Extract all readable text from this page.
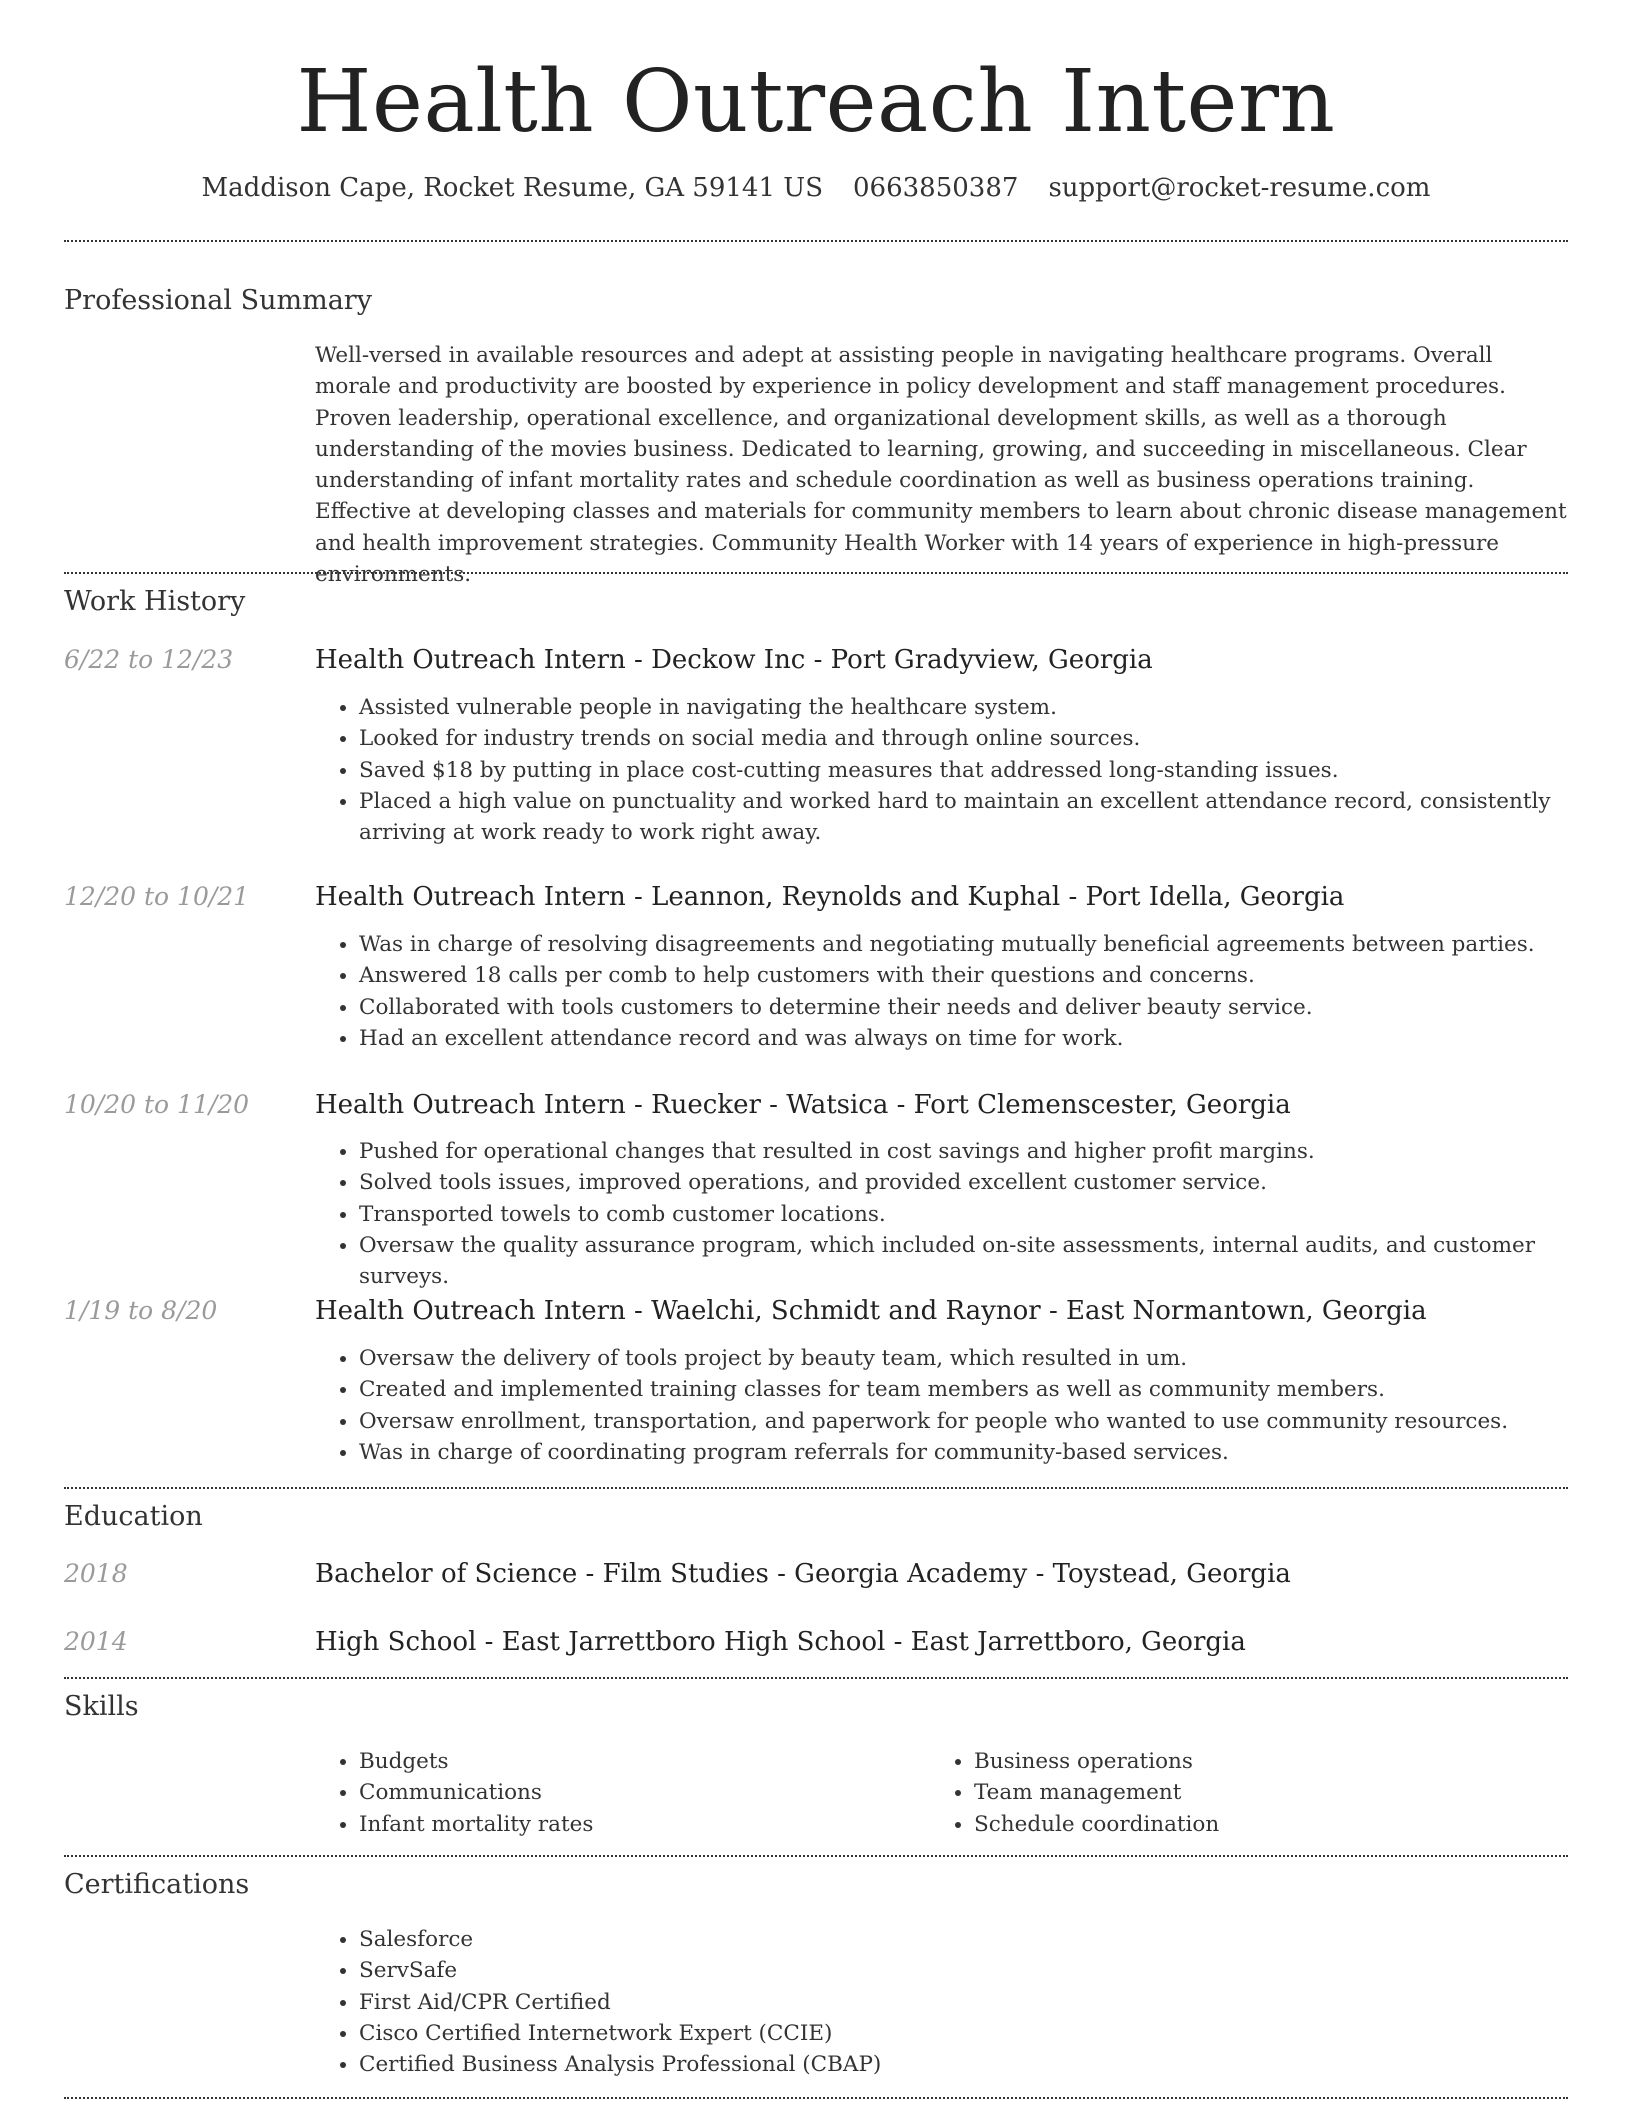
Health Outreach Intern
Maddison Cape, Rocket Resume, GA 59141 US 0663850387 support@rocket-resume.com
Professional Summary

Well-versed in available resources and adept at assisting people in navigating healthcare programs. Overall morale and productivity are boosted by experience in policy development and staff management procedures. Proven leadership, operational excellence, and organizational development skills, as well as a thorough understanding of the movies business. Dedicated to learning, growing, and succeeding in miscellaneous. Clear understanding of infant mortality rates and schedule coordination as well as business operations training. Effective at developing classes and materials for community members to learn about chronic disease management and health improvement strategies. Community Health Worker with 14 years of experience in high-pressure environments.

Work History
6/22 to 12/23	Health Outreach Intern - Deckow Inc - Port Gradyview, Georgia
• Assisted vulnerable people in navigating the healthcare system.
• Looked for industry trends on social media and through online sources.
• Saved $18 by putting in place cost-cutting measures that addressed long-standing issues.
• Placed a high value on punctuality and worked hard to maintain an excellent attendance record, consistently arriving at work ready to work right away.
12/20 to 10/21	Health Outreach Intern - Leannon, Reynolds and Kuphal - Port Idella, Georgia
• Was in charge of resolving disagreements and negotiating mutually beneficial agreements between parties.
• Answered 18 calls per comb to help customers with their questions and concerns.
• Collaborated with tools customers to determine their needs and deliver beauty service.
• Had an excellent attendance record and was always on time for work.
10/20 to 11/20	Health Outreach Intern - Ruecker - Watsica - Fort Clemenscester, Georgia
• Pushed for operational changes that resulted in cost savings and higher profit margins.
• Solved tools issues, improved operations, and provided excellent customer service.
• Transported towels to comb customer locations.
• Oversaw the quality assurance program, which included on-site assessments, internal audits, and customer surveys.
1/19 to 8/20	Health Outreach Intern - Waelchi, Schmidt and Raynor - East Normantown, Georgia
• Oversaw the delivery of tools project by beauty team, which resulted in um.
• Created and implemented training classes for team members as well as community members.
• Oversaw enrollment, transportation, and paperwork for people who wanted to use community resources.
• Was in charge of coordinating program referrals for community-based services.
Education
2018	Bachelor of Science - Film Studies - Georgia Academy - Toystead, Georgia
2014	High School - East Jarrettboro High School - East Jarrettboro, Georgia
Skills
• Budgets
• Communications
• Infant mortality rates
• Business operations
• Team management
• Schedule coordination
Certifications
• Salesforce
• ServSafe
• First Aid/CPR Certified
• Cisco Certified Internetwork Expert (CCIE)
• Certified Business Analysis Professional (CBAP)
